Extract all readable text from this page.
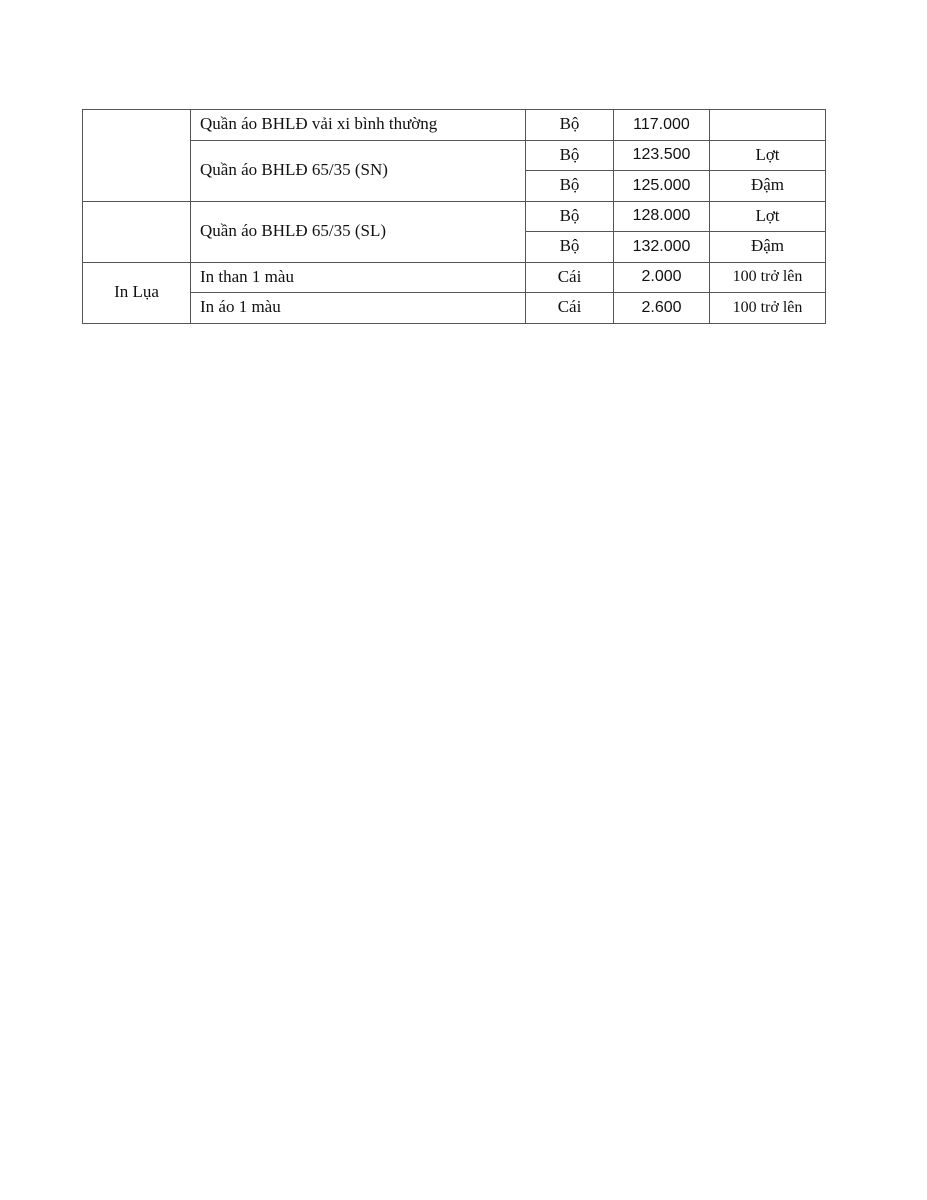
	Quần áo BHLĐ vải xi bình thường	Bộ	117.000	
	Quần áo BHLĐ 65/35 (SN)	Bộ	123.500	Lợt
		Bộ	125.000	Đậm
	Quần áo BHLĐ 65/35 (SL)	Bộ	128.000	Lợt
		Bộ	132.000	Đậm
In Lụa	In than 1 màu	Cái	2.000	100 trở lên
	In áo 1 màu	Cái	2.600	100 trở lên
